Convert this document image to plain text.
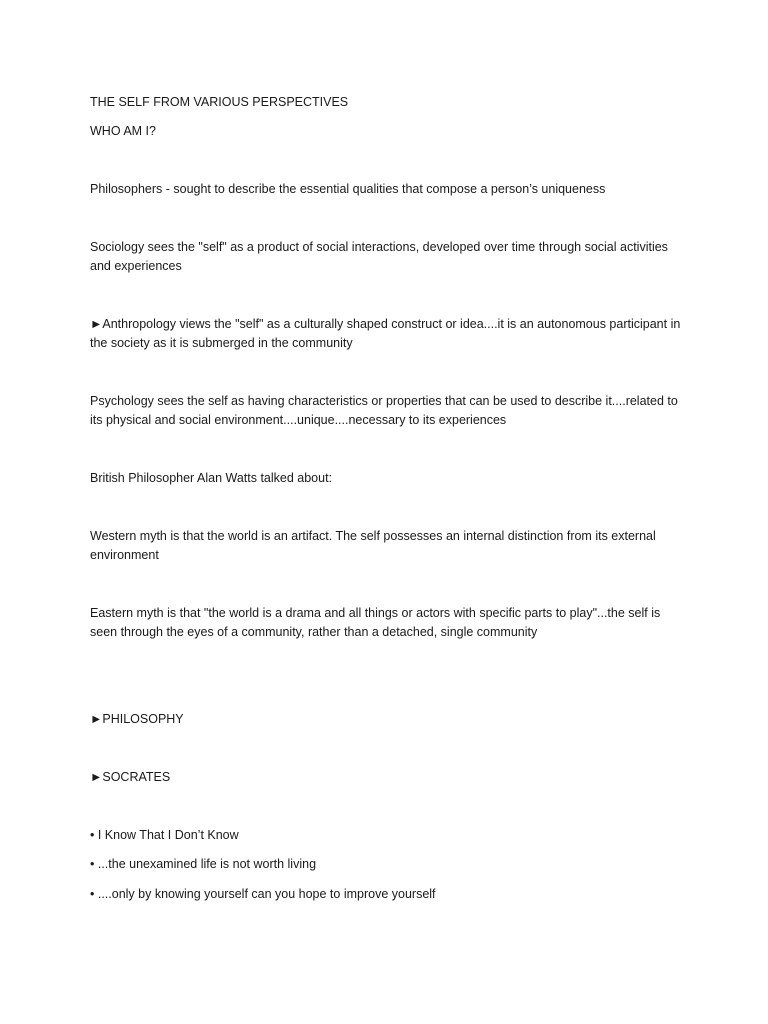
THE SELF FROM VARIOUS PERSPECTIVES

WHO AM I?

Philosophers - sought to describe the essential qualities that compose a person’s uniqueness

Sociology sees the "self" as a product of social interactions, developed over time through social activities and experiences

►Anthropology views the "self" as a culturally shaped construct or idea....it is an autonomous participant in the society as it is submerged in the community

Psychology sees the self as having characteristics or properties that can be used to describe it....related to its physical and social environment....unique....necessary to its experiences

British Philosopher Alan Watts talked about:

Western myth is that the world is an artifact. The self possesses an internal distinction from its external environment

Eastern myth is that "the world is a drama and all things or actors with specific parts to play"...the self is seen through the eyes of a community, rather than a detached, single community

►PHILOSOPHY

►SOCRATES

• I Know That I Don’t Know

• ...the unexamined life is not worth living

• ....only by knowing yourself can you hope to improve yourself
